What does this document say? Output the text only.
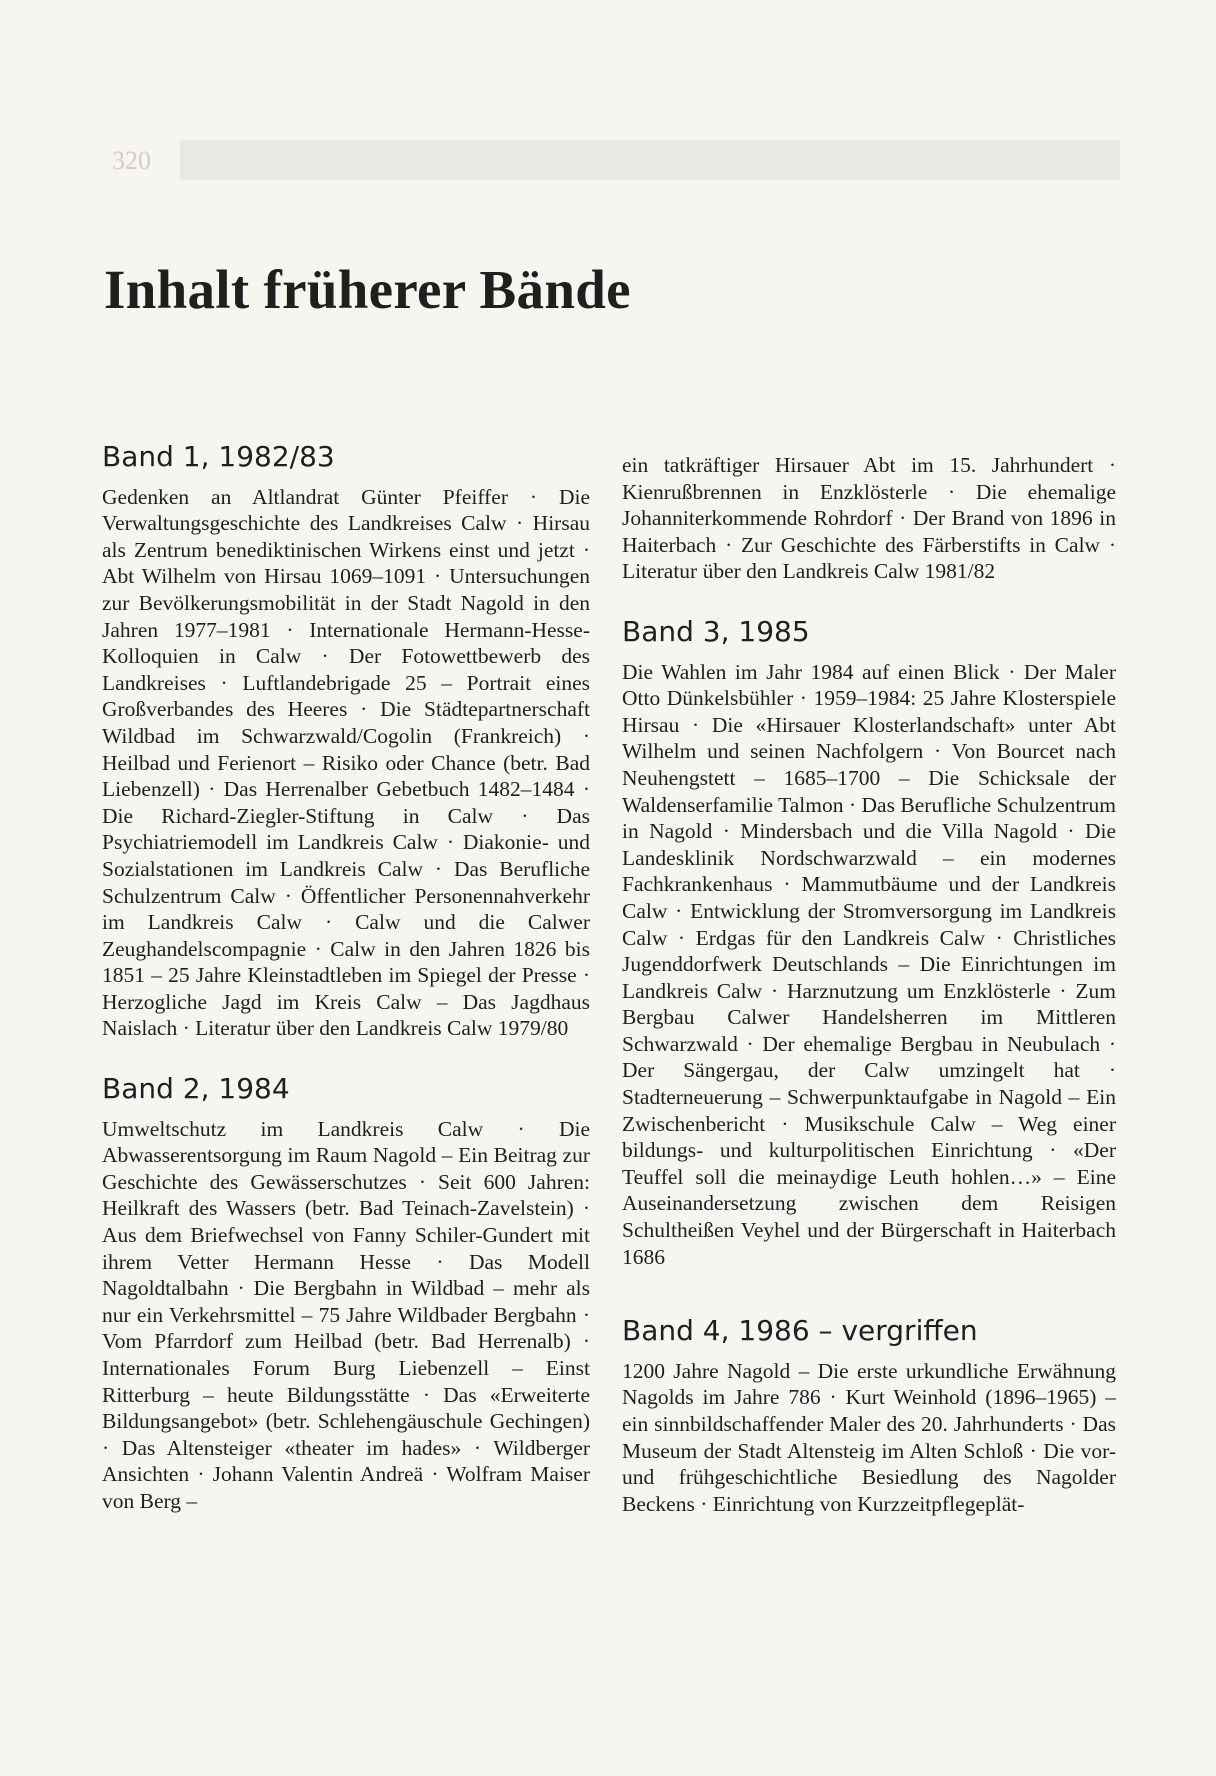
320
Inhalt früherer Bände
Band 1, 1982/83

Gedenken an Altlandrat Günter Pfeiffer · Die Verwaltungsgeschichte des Landkreises Calw · Hirsau als Zentrum benediktinischen Wirkens einst und jetzt · Abt Wilhelm von Hirsau 1069–1091 · Untersuchungen zur Bevölkerungsmobilität in der Stadt Nagold in den Jahren 1977–1981 · Internationale Hermann-Hesse-Kolloquien in Calw · Der Fotowettbewerb des Landkreises · Luftlandebrigade 25 – Portrait eines Großverbandes des Heeres · Die Städtepartnerschaft Wildbad im Schwarzwald/Cogolin (Frankreich) · Heilbad und Ferienort – Risiko oder Chance (betr. Bad Liebenzell) · Das Herrenalber Gebetbuch 1482–1484 · Die Richard-Ziegler-Stiftung in Calw · Das Psychiatriemodell im Landkreis Calw · Diakonie- und Sozialstationen im Landkreis Calw · Das Berufliche Schulzentrum Calw · Öffentlicher Personennahverkehr im Landkreis Calw · Calw und die Calwer Zeughandelscompagnie · Calw in den Jahren 1826 bis 1851 – 25 Jahre Kleinstadtleben im Spiegel der Presse · Herzogliche Jagd im Kreis Calw – Das Jagdhaus Naislach · Literatur über den Landkreis Calw 1979/80

Band 2, 1984

Umweltschutz im Landkreis Calw · Die Abwasserentsorgung im Raum Nagold – Ein Beitrag zur Geschichte des Gewässerschutzes · Seit 600 Jahren: Heilkraft des Wassers (betr. Bad Teinach-Zavelstein) · Aus dem Briefwechsel von Fanny Schiler-Gundert mit ihrem Vetter Hermann Hesse · Das Modell Nagoldtalbahn · Die Bergbahn in Wildbad – mehr als nur ein Verkehrsmittel – 75 Jahre Wildbader Bergbahn · Vom Pfarrdorf zum Heilbad (betr. Bad Herrenalb) · Internationales Forum Burg Liebenzell – Einst Ritterburg – heute Bildungsstätte · Das «Erweiterte Bildungsangebot» (betr. Schlehengäuschule Gechingen) · Das Altensteiger «theater im hades» · Wildberger Ansichten · Johann Valentin Andreä · Wolfram Maiser von Berg –

ein tatkräftiger Hirsauer Abt im 15. Jahrhundert · Kienrußbrennen in Enzklösterle · Die ehemalige Johanniterkommende Rohrdorf · Der Brand von 1896 in Haiterbach · Zur Geschichte des Färberstifts in Calw · Literatur über den Landkreis Calw 1981/82

Band 3, 1985

Die Wahlen im Jahr 1984 auf einen Blick · Der Maler Otto Dünkelsbühler · 1959–1984: 25 Jahre Klosterspiele Hirsau · Die «Hirsauer Klosterlandschaft» unter Abt Wilhelm und seinen Nachfolgern · Von Bourcet nach Neuhengstett – 1685–1700 – Die Schicksale der Waldenserfamilie Talmon · Das Berufliche Schulzentrum in Nagold · Mindersbach und die Villa Nagold · Die Landesklinik Nordschwarzwald – ein modernes Fachkrankenhaus · Mammutbäume und der Landkreis Calw · Entwicklung der Stromversorgung im Landkreis Calw · Erdgas für den Landkreis Calw · Christliches Jugenddorfwerk Deutschlands – Die Einrichtungen im Landkreis Calw · Harznutzung um Enzklösterle · Zum Bergbau Calwer Handelsherren im Mittleren Schwarzwald · Der ehemalige Bergbau in Neubulach · Der Sängergau, der Calw umzingelt hat · Stadterneuerung – Schwerpunktaufgabe in Nagold – Ein Zwischenbericht · Musikschule Calw – Weg einer bildungs- und kulturpolitischen Einrichtung · «Der Teuffel soll die meinaydige Leuth hohlen…» – Eine Auseinandersetzung zwischen dem Reisigen Schultheißen Veyhel und der Bürgerschaft in Haiterbach 1686

Band 4, 1986 – vergriffen

1200 Jahre Nagold – Die erste urkundliche Erwähnung Nagolds im Jahre 786 · Kurt Weinhold (1896–1965) – ein sinnbildschaffender Maler des 20. Jahrhunderts · Das Museum der Stadt Altensteig im Alten Schloß · Die vor- und frühgeschichtliche Besiedlung des Nagolder Beckens · Einrichtung von Kurzzeitpflegeplät-
